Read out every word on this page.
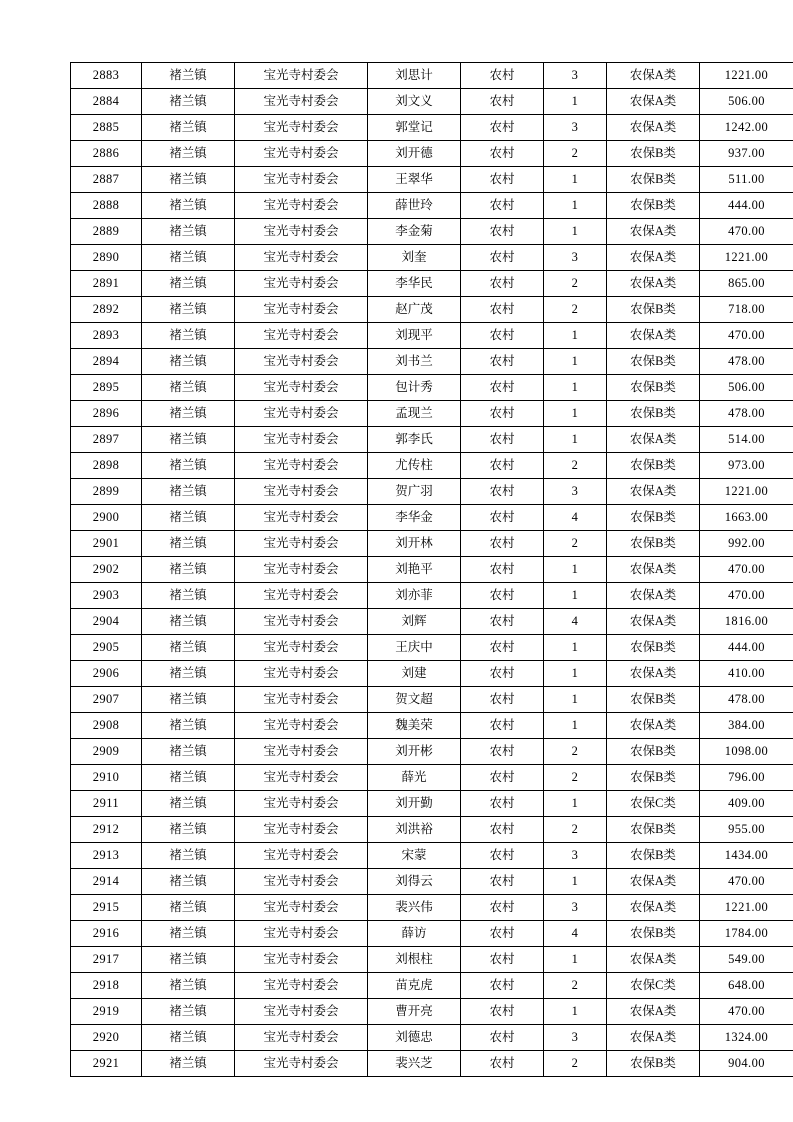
2883	褚兰镇	宝光寺村委会	刘思计	农村	3	农保A类	1221.00
2884	褚兰镇	宝光寺村委会	刘文义	农村	1	农保A类	506.00
2885	褚兰镇	宝光寺村委会	郭堂记	农村	3	农保A类	1242.00
2886	褚兰镇	宝光寺村委会	刘开德	农村	2	农保B类	937.00
2887	褚兰镇	宝光寺村委会	王翠华	农村	1	农保B类	511.00
2888	褚兰镇	宝光寺村委会	薛世玲	农村	1	农保B类	444.00
2889	褚兰镇	宝光寺村委会	李金菊	农村	1	农保A类	470.00
2890	褚兰镇	宝光寺村委会	刘奎	农村	3	农保A类	1221.00
2891	褚兰镇	宝光寺村委会	李华民	农村	2	农保A类	865.00
2892	褚兰镇	宝光寺村委会	赵广茂	农村	2	农保B类	718.00
2893	褚兰镇	宝光寺村委会	刘现平	农村	1	农保A类	470.00
2894	褚兰镇	宝光寺村委会	刘书兰	农村	1	农保B类	478.00
2895	褚兰镇	宝光寺村委会	包计秀	农村	1	农保B类	506.00
2896	褚兰镇	宝光寺村委会	孟现兰	农村	1	农保B类	478.00
2897	褚兰镇	宝光寺村委会	郭李氏	农村	1	农保A类	514.00
2898	褚兰镇	宝光寺村委会	尤传柱	农村	2	农保B类	973.00
2899	褚兰镇	宝光寺村委会	贺广羽	农村	3	农保A类	1221.00
2900	褚兰镇	宝光寺村委会	李华金	农村	4	农保B类	1663.00
2901	褚兰镇	宝光寺村委会	刘开林	农村	2	农保B类	992.00
2902	褚兰镇	宝光寺村委会	刘艳平	农村	1	农保A类	470.00
2903	褚兰镇	宝光寺村委会	刘亦菲	农村	1	农保A类	470.00
2904	褚兰镇	宝光寺村委会	刘辉	农村	4	农保A类	1816.00
2905	褚兰镇	宝光寺村委会	王庆中	农村	1	农保B类	444.00
2906	褚兰镇	宝光寺村委会	刘建	农村	1	农保A类	410.00
2907	褚兰镇	宝光寺村委会	贺文超	农村	1	农保B类	478.00
2908	褚兰镇	宝光寺村委会	魏美荣	农村	1	农保A类	384.00
2909	褚兰镇	宝光寺村委会	刘开彬	农村	2	农保B类	1098.00
2910	褚兰镇	宝光寺村委会	薛光	农村	2	农保B类	796.00
2911	褚兰镇	宝光寺村委会	刘开勤	农村	1	农保C类	409.00
2912	褚兰镇	宝光寺村委会	刘洪裕	农村	2	农保B类	955.00
2913	褚兰镇	宝光寺村委会	宋蒙	农村	3	农保B类	1434.00
2914	褚兰镇	宝光寺村委会	刘得云	农村	1	农保A类	470.00
2915	褚兰镇	宝光寺村委会	裴兴伟	农村	3	农保A类	1221.00
2916	褚兰镇	宝光寺村委会	薛访	农村	4	农保B类	1784.00
2917	褚兰镇	宝光寺村委会	刘根柱	农村	1	农保A类	549.00
2918	褚兰镇	宝光寺村委会	苗克虎	农村	2	农保C类	648.00
2919	褚兰镇	宝光寺村委会	曹开亮	农村	1	农保A类	470.00
2920	褚兰镇	宝光寺村委会	刘德忠	农村	3	农保A类	1324.00
2921	褚兰镇	宝光寺村委会	裴兴芝	农村	2	农保B类	904.00
